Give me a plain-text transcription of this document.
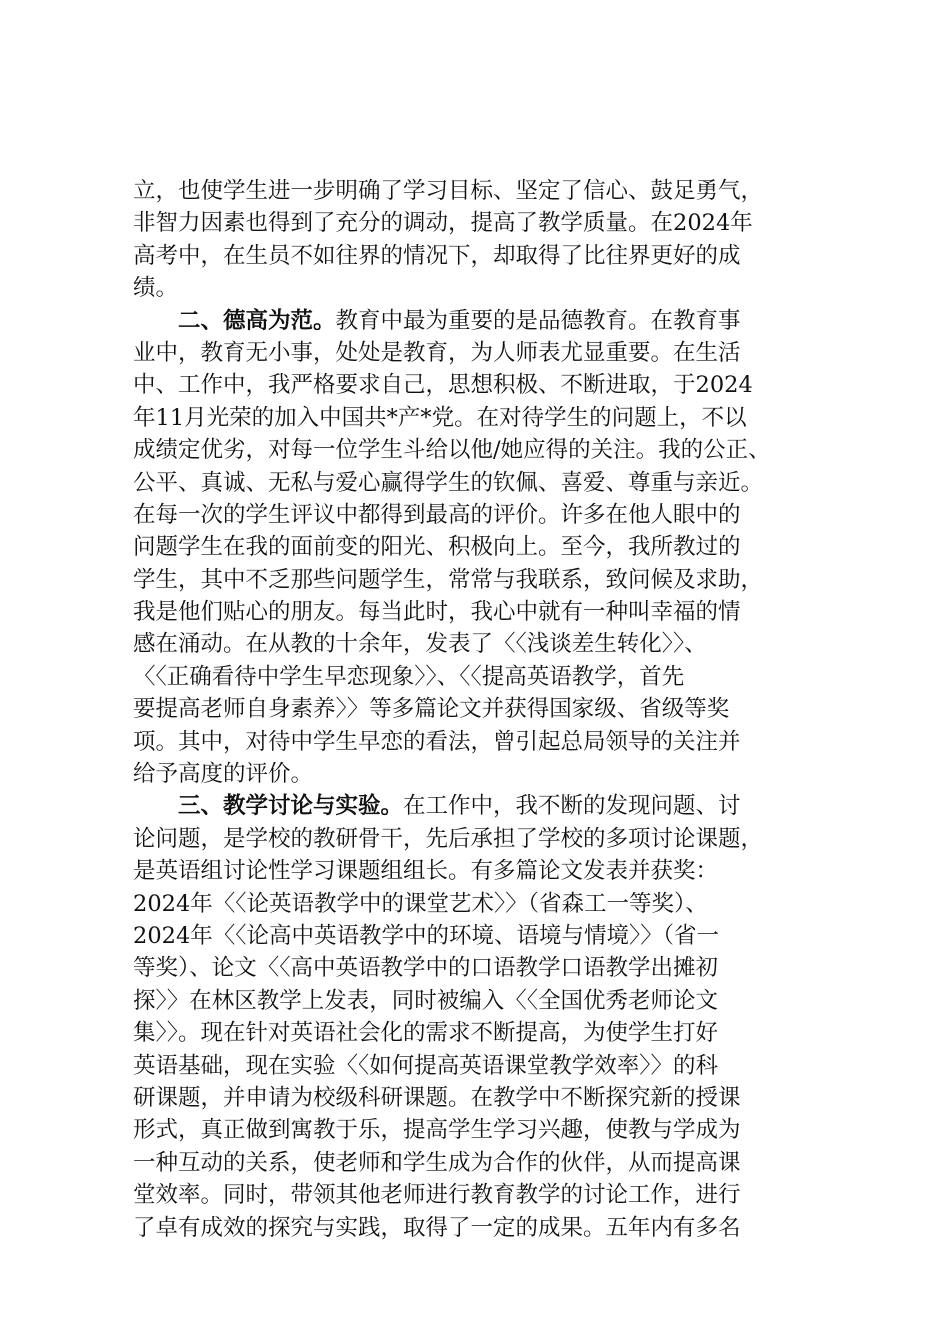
立，也使学生进一步明确了学习目标、坚定了信心、鼓足勇气，
非智力因素也得到了充分的调动，提高了教学质量。在2024年
高考中，在生员不如往界的情况下，却取得了比往界更好的成
绩。
二、德高为范。教育中最为重要的是品德教育。在教育事
业中，教育无小事，处处是教育，为人师表尤显重要。在生活
中、工作中，我严格要求自己，思想积极、不断进取，于2024
年11月光荣的加入中国共*产*党。在对待学生的问题上，不以
成绩定优劣，对每一位学生斗给以他/她应得的关注。我的公正、
公平、真诚、无私与爱心赢得学生的钦佩、喜爱、尊重与亲近。
在每一次的学生评议中都得到最高的评价。许多在他人眼中的
问题学生在我的面前变的阳光、积极向上。至今，我所教过的
学生，其中不乏那些问题学生，常常与我联系，致问候及求助，
我是他们贴心的朋友。每当此时，我心中就有一种叫幸福的情
感在涌动。在从教的十余年，发表了〈〈浅谈差生转化〉〉、
〈〈正确看待中学生早恋现象〉〉、〈〈提高英语教学，首先
要提高老师自身素养〉〉等多篇论文并获得国家级、省级等奖
项。其中，对待中学生早恋的看法，曾引起总局领导的关注并
给予高度的评价。
三、教学讨论与实验。在工作中，我不断的发现问题、讨
论问题，是学校的教研骨干，先后承担了学校的多项讨论课题，
是英语组讨论性学习课题组组长。有多篇论文发表并获奖：
2024年〈〈论英语教学中的课堂艺术〉〉（省森工一等奖）、
2024年〈〈论高中英语教学中的环境、语境与情境〉〉（省一
等奖）、论文〈〈高中英语教学中的口语教学口语教学出摊初
探〉〉在林区教学上发表，同时被编入〈〈全国优秀老师论文
集〉〉。现在针对英语社会化的需求不断提高，为使学生打好
英语基础，现在实验〈〈如何提高英语课堂教学效率〉〉的科
研课题，并申请为校级科研课题。在教学中不断探究新的授课
形式，真正做到寓教于乐，提高学生学习兴趣，使教与学成为
一种互动的关系，使老师和学生成为合作的伙伴，从而提高课
堂效率。同时，带领其他老师进行教育教学的讨论工作，进行
了卓有成效的探究与实践，取得了一定的成果。五年内有多名
